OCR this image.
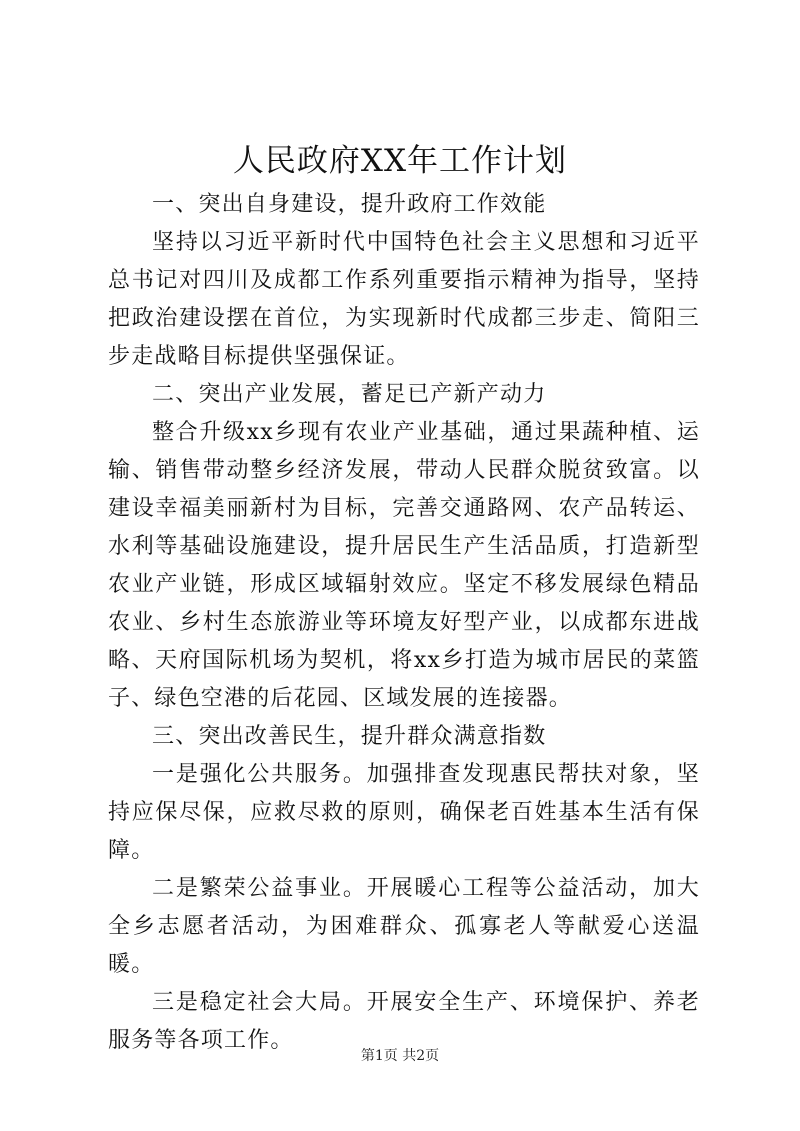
人民政府XX年工作计划

一、突出自身建设，提升政府工作效能

坚持以习近平新时代中国特色社会主义思想和习近平总书记对四川及成都工作系列重要指示精神为指导，坚持把政治建设摆在首位，为实现新时代成都三步走、简阳三步走战略目标提供坚强保证。

二、突出产业发展，蓄足已产新产动力

整合升级xx乡现有农业产业基础，通过果蔬种植、运输、销售带动整乡经济发展，带动人民群众脱贫致富。以建设幸福美丽新村为目标，完善交通路网、农产品转运、水利等基础设施建设，提升居民生产生活品质，打造新型农业产业链，形成区域辐射效应。坚定不移发展绿色精品农业、乡村生态旅游业等环境友好型产业，以成都东进战略、天府国际机场为契机，将xx乡打造为城市居民的菜篮子、绿色空港的后花园、区域发展的连接器。

三、突出改善民生，提升群众满意指数

一是强化公共服务。加强排查发现惠民帮扶对象，坚持应保尽保，应救尽救的原则，确保老百姓基本生活有保障。

二是繁荣公益事业。开展暖心工程等公益活动，加大全乡志愿者活动，为困难群众、孤寡老人等献爱心送温暖。

三是稳定社会大局。开展安全生产、环境保护、养老服务等各项工作。

第1页 共2页
